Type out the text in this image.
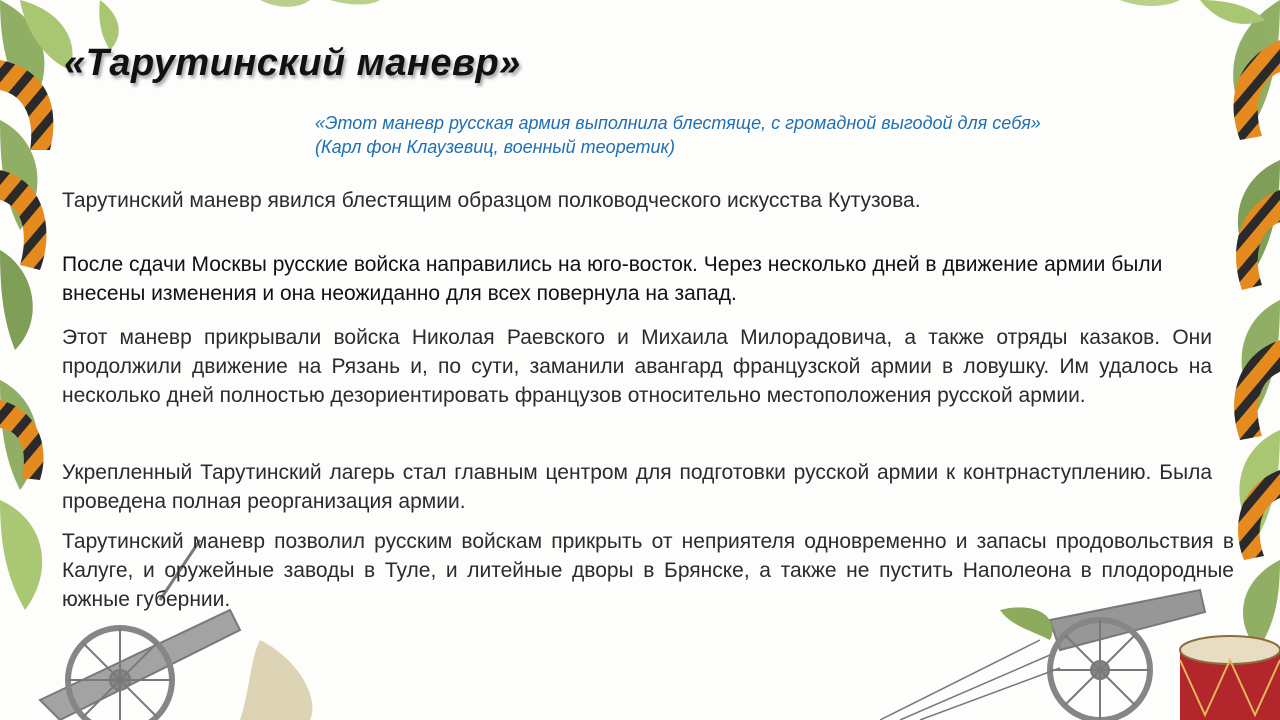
«Тарутинский маневр»
«Этот маневр русская армия выполнила блестяще, с громадной выгодой для себя»
(Карл фон Клаузевиц, военный теоретик)

Тарутинский маневр явился блестящим образцом полководческого искусства Кутузова.

После сдачи Москвы русские войска направились на юго-восток. Через несколько дней в движение армии были внесены изменения и она неожиданно для всех повернула на запад.

Этот маневр прикрывали войска Николая Раевского и Михаила Милорадовича, а также отряды казаков. Они продолжили движение на Рязань и, по сути, заманили авангард французской армии в ловушку. Им удалось на несколько дней полностью дезориентировать французов относительно местоположения русской армии.

Укрепленный Тарутинский лагерь стал главным центром для подготовки русской армии к контрнаступлению. Была проведена полная реорганизация армии.

Тарутинский маневр позволил русским войскам прикрыть от неприятеля одновременно и запасы продовольствия в Калуге, и оружейные заводы в Туле, и литейные дворы в Брянске, а также не пустить Наполеона в плодородные южные губернии.
